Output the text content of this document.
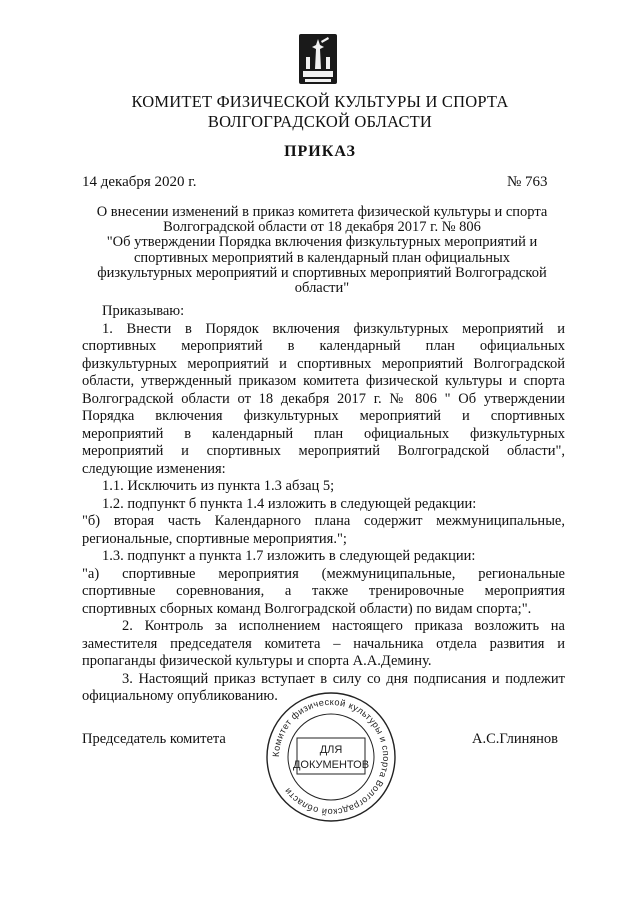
КОМИТЕТ ФИЗИЧЕСКОЙ КУЛЬТУРЫ И СПОРТА
ВОЛГОГРАДСКОЙ ОБЛАСТИ
ПРИКАЗ
14 декабря 2020 г.	№ 763
О внесении изменений в приказ комитета физической культуры и спорта
Волгоградской области от 18 декабря 2017 г. № 806
"Об утверждении Порядка включения физкультурных мероприятий и
спортивных мероприятий в календарный план официальных
физкультурных мероприятий и спортивных мероприятий Волгоградской
области"

Приказываю:

1. Внести в Порядок включения физкультурных мероприятий и

спортивных мероприятий в календарный план официальных

физкультурных мероприятий и спортивных мероприятий Волгоградской

области, утвержденный приказом комитета физической культуры и спорта

Волгоградской области от 18 декабря 2017 г. № 806 " Об утверждении

Порядка включения физкультурных мероприятий и спортивных

мероприятий в календарный план официальных физкультурных

мероприятий и спортивных мероприятий Волгоградской области",

следующие изменения:

1.1. Исключить из пункта 1.3 абзац 5;

1.2. подпункт б пункта 1.4 изложить в следующей редакции:

"б) вторая часть Календарного плана содержит межмуниципальные,

региональные, спортивные мероприятия.";

1.3. подпункт а пункта 1.7 изложить в следующей редакции:

"а) спортивные мероприятия (межмуниципальные, региональные

спортивные соревнования, а также тренировочные мероприятия

спортивных сборных команд Волгоградской области) по видам спорта;".

2. Контроль за исполнением настоящего приказа возложить на

заместителя председателя комитета – начальника отдела развития и

пропаганды физической культуры и спорта А.А.Демину.

3. Настоящий приказ вступает в силу со дня подписания и подлежит

официальному опубликованию.

Комитет физической культуры и спорта Волгоградской области
ДЛЯ
ДОКУМЕНТОВ
Председатель комитета	А.С.Глинянов
